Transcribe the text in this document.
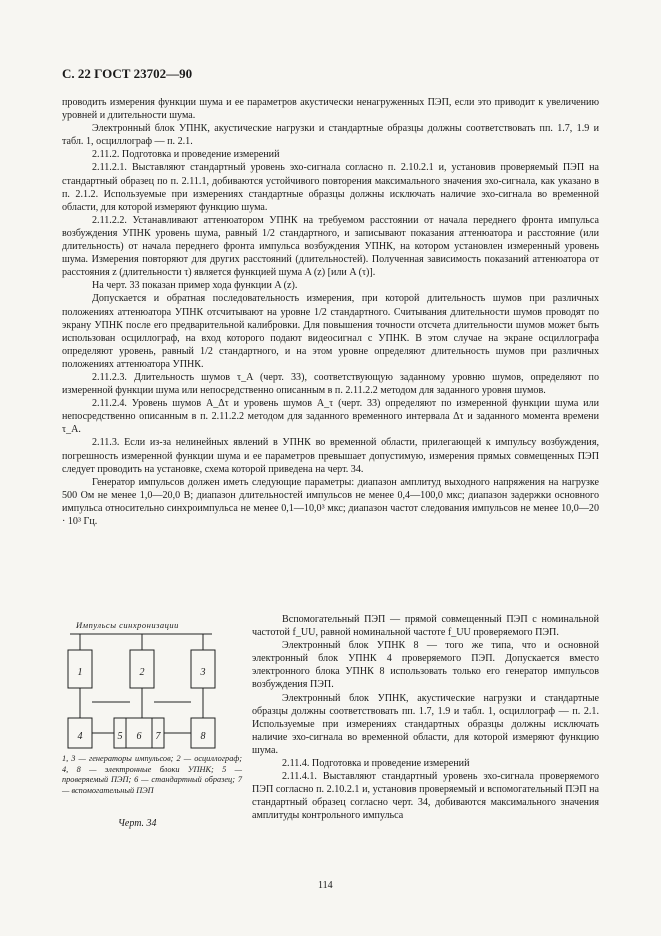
С. 22 ГОСТ 23702—90

проводить измерения функции шума и ее параметров акустически ненагруженных ПЭП, если это приводит к увеличению уровней и длительности шума.

Электронный блок УПНК, акустические нагрузки и стандартные образцы должны соответствовать пп. 1.7, 1.9 и табл. 1, осциллограф — п. 2.1.

2.11.2. Подготовка и проведение измерений

2.11.2.1. Выставляют стандартный уровень эхо-сигнала согласно п. 2.10.2.1 и, установив проверяемый ПЭП на стандартный образец по п. 2.11.1, добиваются устойчивого повторения максимального значения эхо-сигнала, как указано в п. 2.1.2. Используемые при измерениях стандартные образцы должны исключать наличие эхо-сигнала во временной области, для которой измеряют функцию шума.

2.11.2.2. Устанавливают аттенюатором УПНК на требуемом расстоянии от начала переднего фронта импульса возбуждения УПНК уровень шума, равный 1/2 стандартного, и записывают показания аттенюатора и расстояние (или длительность) от начала переднего фронта импульса возбуждения УПНК, на котором установлен измеренный уровень шума. Измерения повторяют для других расстояний (длительностей). Полученная зависимость показаний аттенюатора от расстояния z (длительности τ) является функцией шума A (z) [или A (τ)].

На черт. 33 показан пример хода функции A (z).

Допускается и обратная последовательность измерения, при которой длительность шумов при различных положениях аттенюатора УПНК отсчитывают на уровне 1/2 стандартного. Считывания длительности шумов проводят по экрану УПНК после его предварительной калибровки. Для повышения точности отсчета длительности шумов может быть использован осциллограф, на вход которого подают видеосигнал с УПНК. В этом случае на экране осциллографа определяют уровень, равный 1/2 стандартного, и на этом уровне определяют длительность шумов при различных положениях аттенюатора УПНК.

2.11.2.3. Длительность шумов τ_A (черт. 33), соответствующую заданному уровню шумов, определяют по измеренной функции шума или непосредственно описанным в п. 2.11.2.2 методом для заданного уровня шумов.

2.11.2.4. Уровень шумов A_Δτ и уровень шумов A_τ (черт. 33) определяют по измеренной функции шума или непосредственно описанным в п. 2.11.2.2 методом для заданного временного интервала Δτ и заданного момента времени τ_A.

2.11.3. Если из-за нелинейных явлений в УПНК во временной области, прилегающей к импульсу возбуждения, погрешность измеренной функции шума и ее параметров превышает допустимую, измерения прямых совмещенных ПЭП следует проводить на установке, схема которой приведена на черт. 34.

Генератор импульсов должен иметь следующие параметры: диапазон амплитуд выходного напряжения на нагрузке 500 Ом не менее 1,0—20,0 В; диапазон длительностей импульсов не менее 0,4—100,0 мкс; диапазон задержки основного импульса относительно синхроимпульса не менее 0,1—10,0³ мкс; диапазон частот следования импульсов не менее 10,0—20 · 10³ Гц.

Импульсы синхронизации
1	2	3
4	5	6	7	8
1, 3 — генераторы импульсов; 2 — осциллограф; 4, 8 — электронные блоки УПНК; 5 — проверяемый ПЭП; 6 — стандартный образец; 7 — вспомогательный ПЭП
Черт. 34

Вспомогательный ПЭП — прямой совмещенный ПЭП с номинальной частотой f_UU, равной номинальной частоте f_UU проверяемого ПЭП.

Электронный блок УПНК 8 — того же типа, что и основной электронный блок УПНК 4 проверяемого ПЭП. Допускается вместо электронного блока УПНК 8 использовать только его генератор импульсов возбуждения ПЭП.

Электронный блок УПНК, акустические нагрузки и стандартные образцы должны соответствовать пп. 1.7, 1.9 и табл. 1, осциллограф — п. 2.1. Используемые при измерениях стандартных образцы должны исключать наличие эхо-сигнала во временной области, для которой измеряют функцию шума.

2.11.4. Подготовка и проведение измерений

2.11.4.1. Выставляют стандартный уровень эхо-сигнала проверяемого ПЭП согласно п. 2.10.2.1 и, установив проверяемый и вспомогательный ПЭП на стандартный образец согласно черт. 34, добиваются максимального значения амплитуды контрольного импульса

114
